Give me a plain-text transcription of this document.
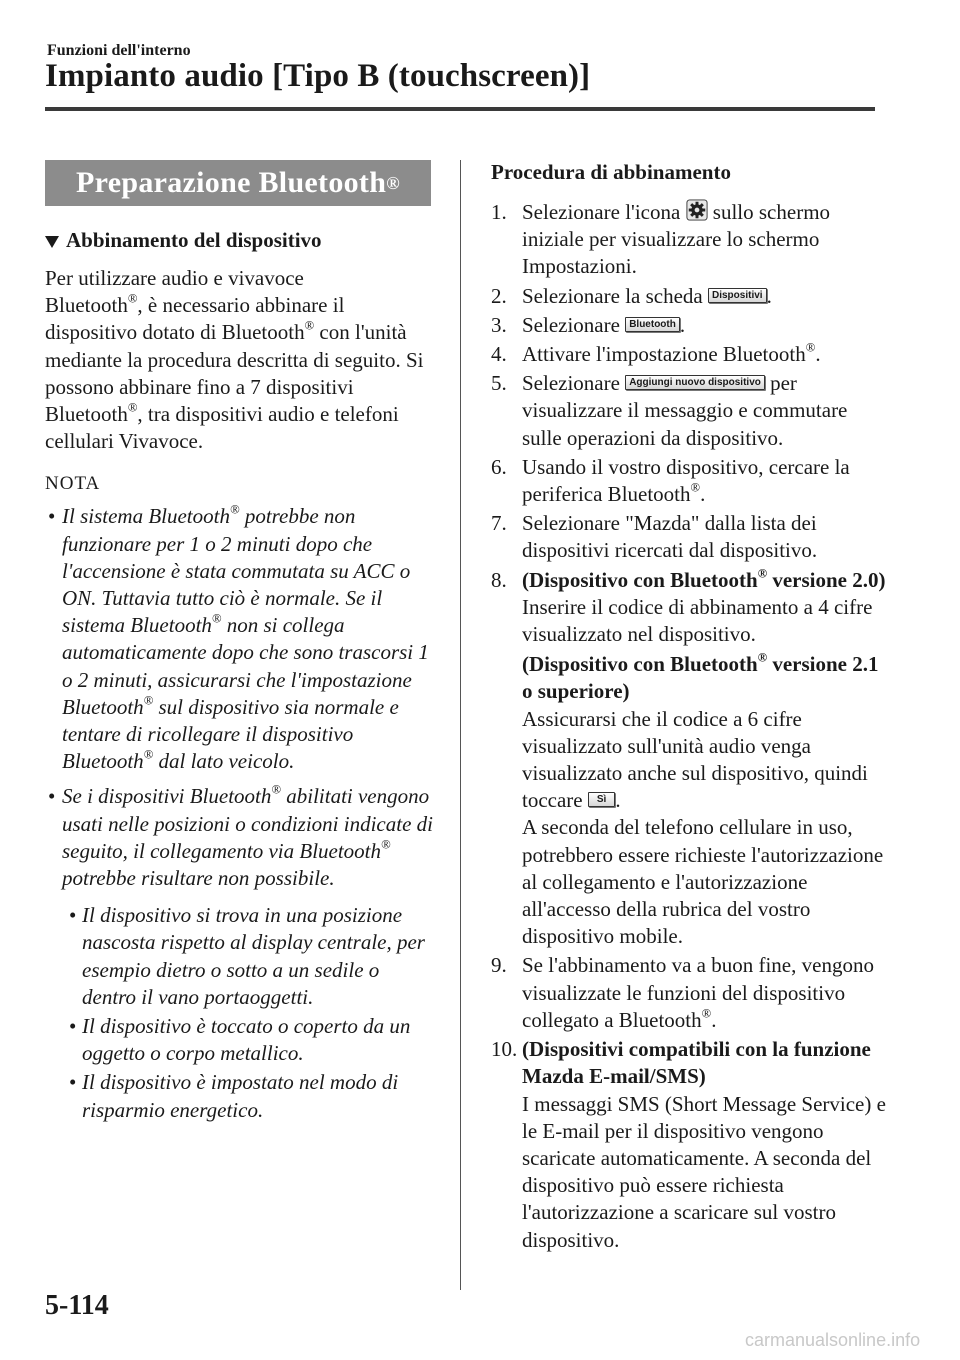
Funzioni dell'interno
Impianto audio [Tipo B (touchscreen)]
Preparazione Bluetooth ®
Abbinamento del dispositivo
Per utilizzare audio e vivavoce
Bluetooth®, è necessario abbinare il dispositivo dotato di Bluetooth® con l'unità mediante la procedura descritta di seguito. Si possono abbinare fino a 7 dispositivi Bluetooth®, tra dispositivi audio e telefoni cellulari Vivavoce.
NOTA
• Il sistema Bluetooth® potrebbe non funzionare per 1 o 2 minuti dopo che l'accensione è stata commutata su ACC o ON. Tuttavia tutto ciò è normale. Se il sistema Bluetooth® non si collega automaticamente dopo che sono trascorsi 1 o 2 minuti, assicurarsi che l'impostazione Bluetooth® sul dispositivo sia normale e tentare di ricollegare il dispositivo Bluetooth® dal lato veicolo.
• Se i dispositivi Bluetooth® abilitati vengono usati nelle posizioni o condizioni indicate di seguito, il collegamento via Bluetooth® potrebbe risultare non possibile.
• Il dispositivo si trova in una posizione nascosta rispetto al display centrale, per esempio dietro o sotto a un sedile o dentro il vano portaoggetti.
• Il dispositivo è toccato o coperto da un oggetto o corpo metallico.
• Il dispositivo è impostato nel modo di risparmio energetico.
Procedura di abbinamento
1. Selezionare l'icona  sullo schermo iniziale per visualizzare lo schermo Impostazioni.
2. Selezionare la scheda Dispositivi .
3. Selezionare Bluetooth .
4. Attivare l'impostazione Bluetooth®.
5. Selezionare Aggiungi nuovo dispositivo per visualizzare il messaggio e commutare sulle operazioni da dispositivo.
6. Usando il vostro dispositivo, cercare la periferica Bluetooth®.
7. Selezionare "Mazda" dalla lista dei dispositivi ricercati dal dispositivo.
8. (Dispositivo con Bluetooth® versione 2.0)
Inserire il codice di abbinamento a 4 cifre visualizzato nel dispositivo.
(Dispositivo con Bluetooth® versione 2.1 o superiore)
Assicurarsi che il codice a 6 cifre visualizzato sull'unità audio venga visualizzato anche sul dispositivo, quindi toccare Sì .
A seconda del telefono cellulare in uso, potrebbero essere richieste l'autorizzazione al collegamento e l'autorizzazione all'accesso della rubrica del vostro dispositivo mobile.
9. Se l'abbinamento va a buon fine, vengono visualizzate le funzioni del dispositivo collegato a Bluetooth®.
10. (Dispositivi compatibili con la funzione Mazda E-mail/SMS)
I messaggi SMS (Short Message Service) e le E-mail per il dispositivo vengono scaricate automaticamente. A seconda del dispositivo può essere richiesta l'autorizzazione a scaricare sul vostro dispositivo.
5-114
carmanualsonline.info
